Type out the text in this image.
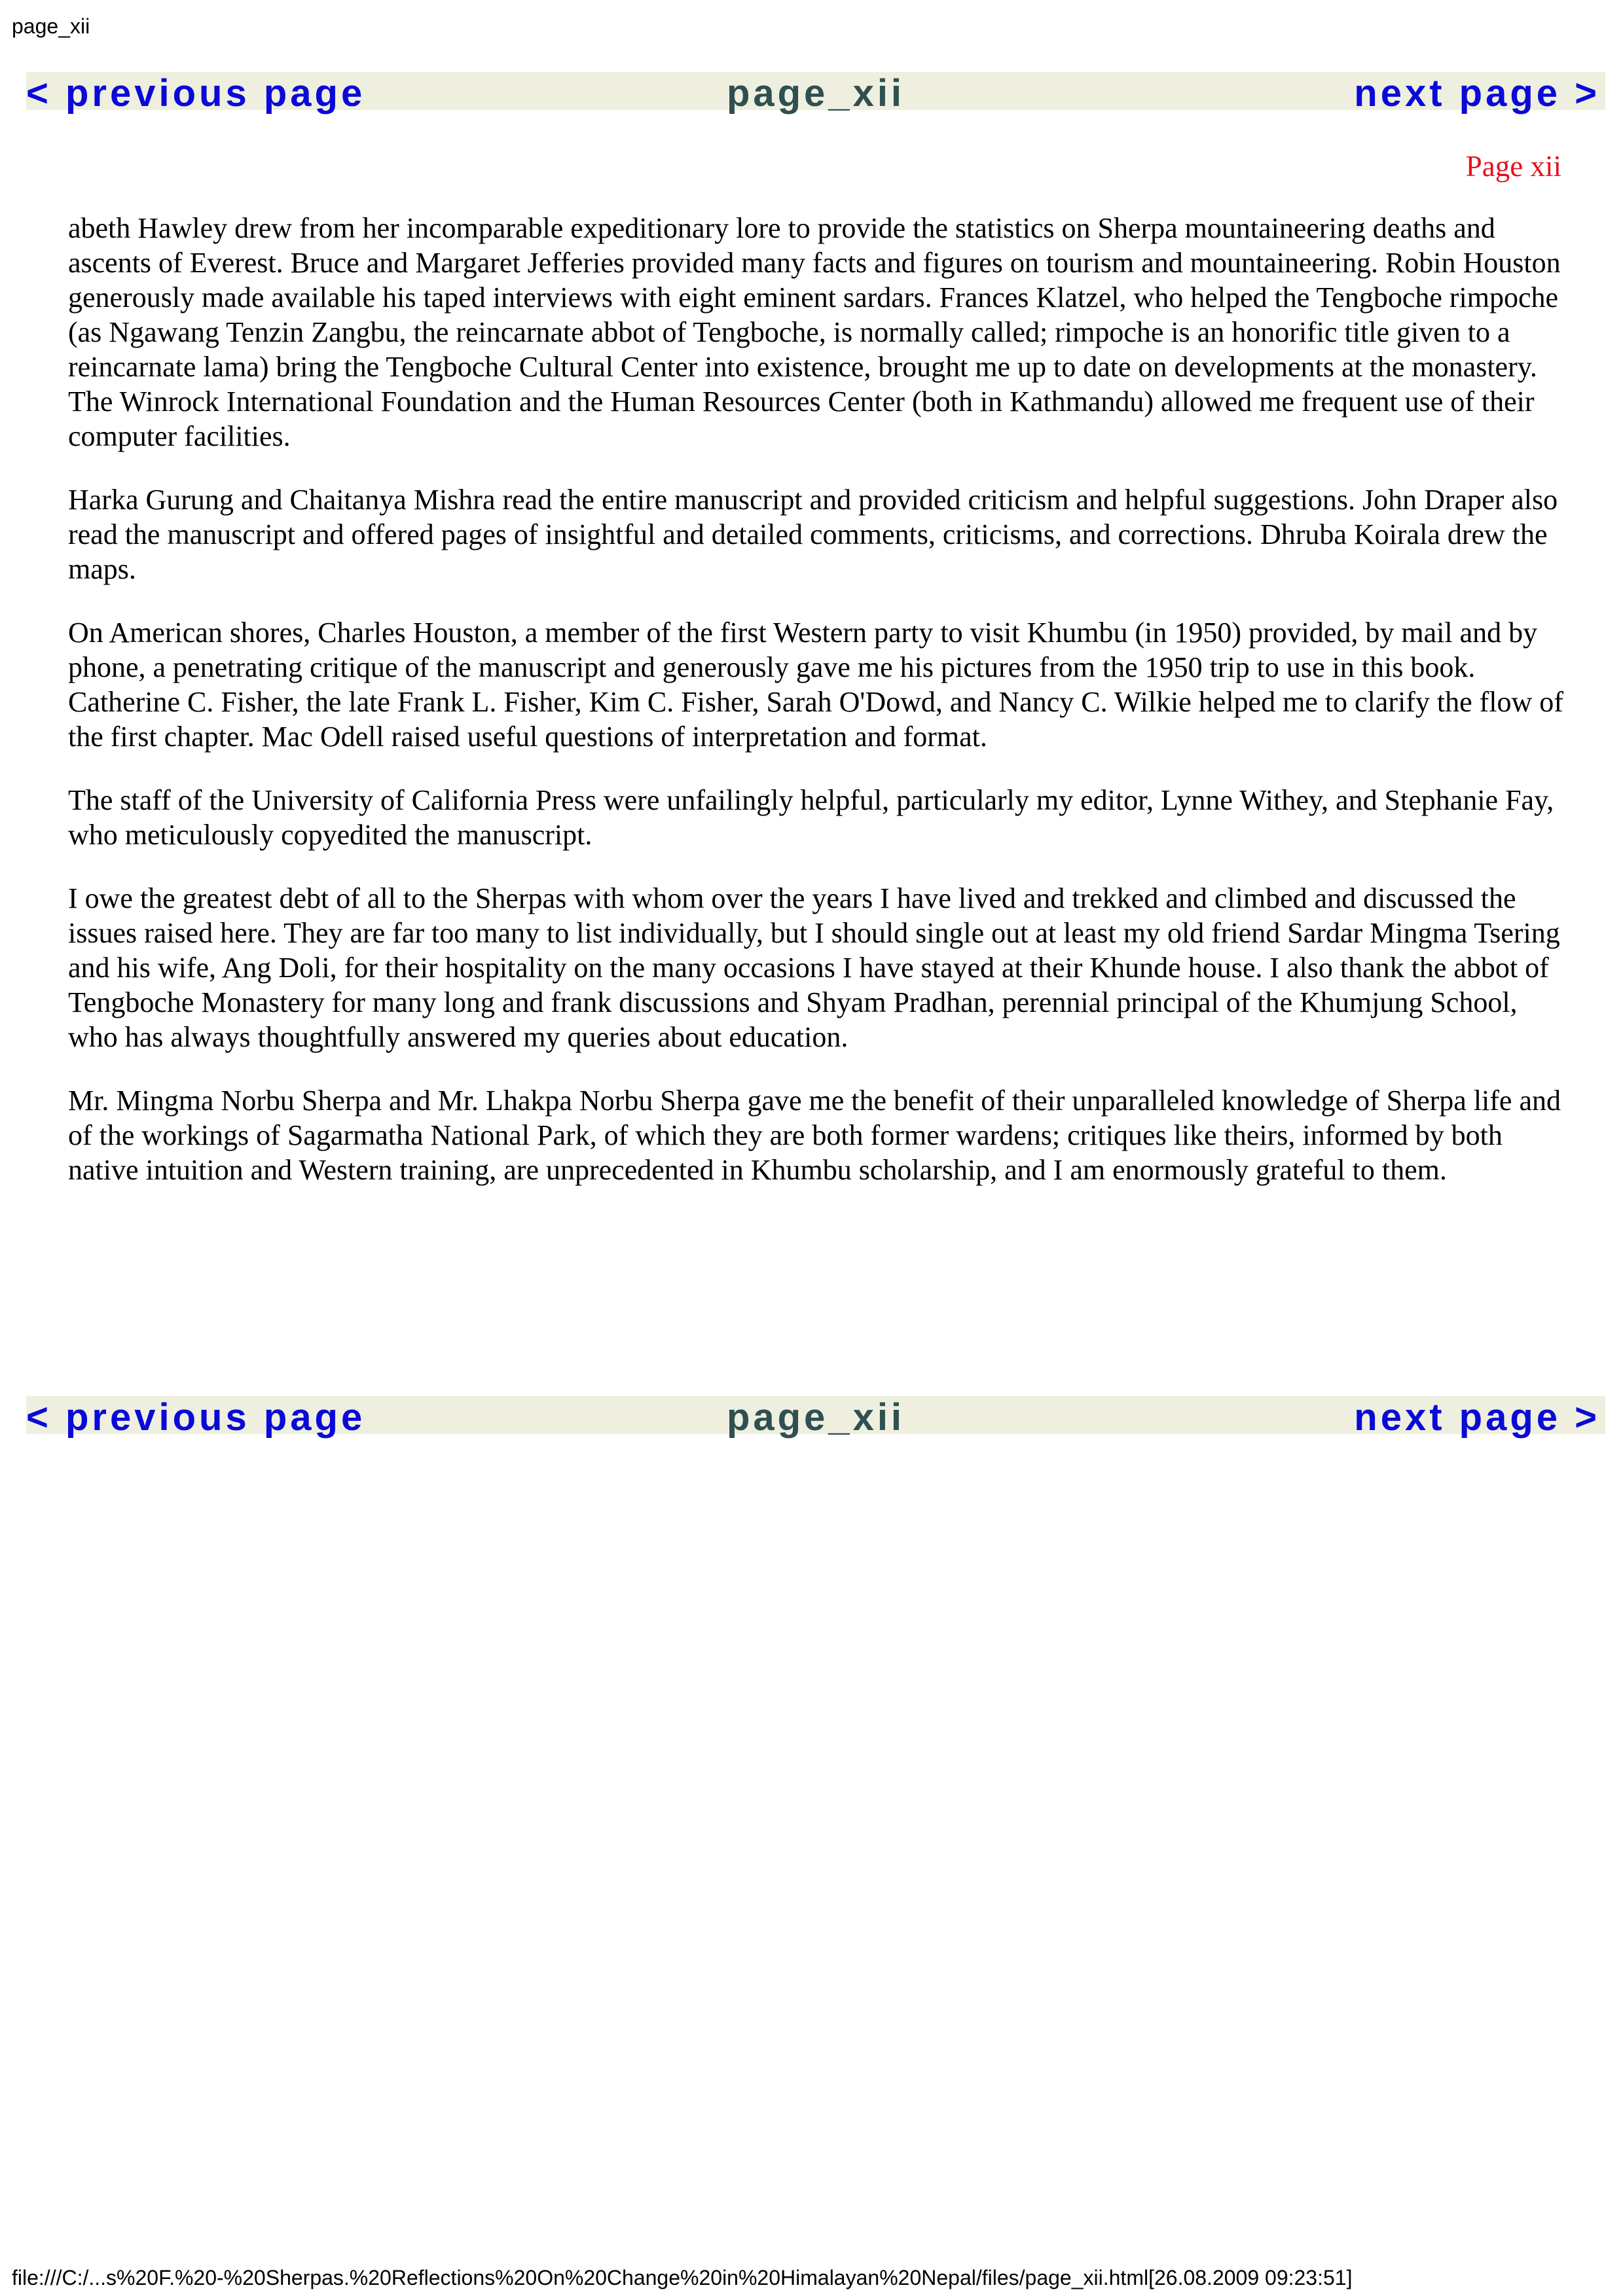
page_xii
page_xii
< previous page	next page >
Page xii

abeth Hawley drew from her incomparable expeditionary lore to provide the statistics on Sherpa mountaineering deaths and ascents of Everest. Bruce and Margaret Jefferies provided many facts and figures on tourism and mountaineering. Robin Houston generously made available his taped interviews with eight eminent sardars. Frances Klatzel, who helped the Tengboche rimpoche (as Ngawang Tenzin Zangbu, the reincarnate abbot of Tengboche, is normally called; rimpoche is an honorific title given to a reincarnate lama) bring the Tengboche Cultural Center into existence, brought me up to date on developments at the monastery. The Winrock International Foundation and the Human Resources Center (both in Kathmandu) allowed me frequent use of their computer facilities.

Harka Gurung and Chaitanya Mishra read the entire manuscript and provided criticism and helpful suggestions. John Draper also read the manuscript and offered pages of insightful and detailed comments, criticisms, and corrections. Dhruba Koirala drew the maps.

On American shores, Charles Houston, a member of the first Western party to visit Khumbu (in 1950) provided, by mail and by phone, a penetrating critique of the manuscript and generously gave me his pictures from the 1950 trip to use in this book. Catherine C. Fisher, the late Frank L. Fisher, Kim C. Fisher, Sarah O'Dowd, and Nancy C. Wilkie helped me to clarify the flow of the first chapter. Mac Odell raised useful questions of interpretation and format.

The staff of the University of California Press were unfailingly helpful, particularly my editor, Lynne Withey, and Stephanie Fay, who meticulously copyedited the manuscript.

I owe the greatest debt of all to the Sherpas with whom over the years I have lived and trekked and climbed and discussed the issues raised here. They are far too many to list individually, but I should single out at least my old friend Sardar Mingma Tsering and his wife, Ang Doli, for their hospitality on the many occasions I have stayed at their Khunde house. I also thank the abbot of Tengboche Monastery for many long and frank discussions and Shyam Pradhan, perennial principal of the Khumjung School, who has always thoughtfully answered my queries about education.

Mr. Mingma Norbu Sherpa and Mr. Lhakpa Norbu Sherpa gave me the benefit of their unparalleled knowledge of Sherpa life and of the workings of Sagarmatha National Park, of which they are both former wardens; critiques like theirs, informed by both native intuition and Western training, are unprecedented in Khumbu scholarship, and I am enormously grateful to them.

page_xii
< previous page	next page >
file:///C:/...s%20F.%20-%20Sherpas.%20Reflections%20On%20Change%20in%20Himalayan%20Nepal/files/page_xii.html[26.08.2009 09:23:51]
